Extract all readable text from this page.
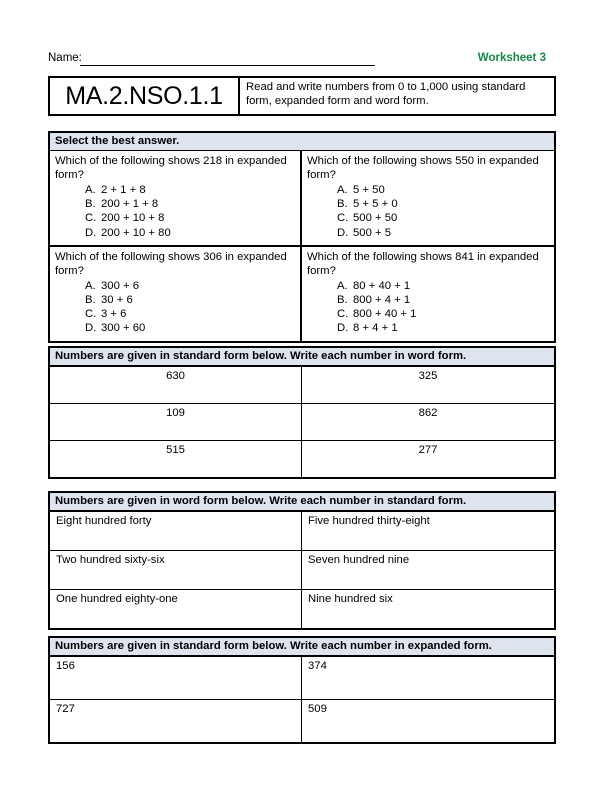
Name:	Worksheet 3
MA.2.NSO.1.1	Read and write numbers from 0 to 1,000 using standard form, expanded form and word form.
Select the best answer.

Which of the following shows 218 in expanded form?

A. 2 + 1 + 8
B. 200 + 1 + 8
C. 200 + 10 + 8
D. 200 + 10 + 80

Which of the following shows 550 in expanded form?

A. 5 + 50
B. 5 + 5 + 0
C. 500 + 50
D. 500 + 5

Which of the following shows 306 in expanded form?

A. 300 + 6
B. 30 + 6
C. 3 + 6
D. 300 + 60

Which of the following shows 841 in expanded form?

A. 80 + 40 + 1
B. 800 + 4 + 1
C. 800 + 40 + 1
D. 8 + 4 + 1
Numbers are given in standard form below. Write each number in word form.
630	325
109	862
515	277
Numbers are given in word form below. Write each number in standard form.
Eight hundred forty	Five hundred thirty-eight
Two hundred sixty-six	Seven hundred nine
One hundred eighty-one	Nine hundred six
Numbers are given in standard form below. Write each number in expanded form.
156	374
727	509
